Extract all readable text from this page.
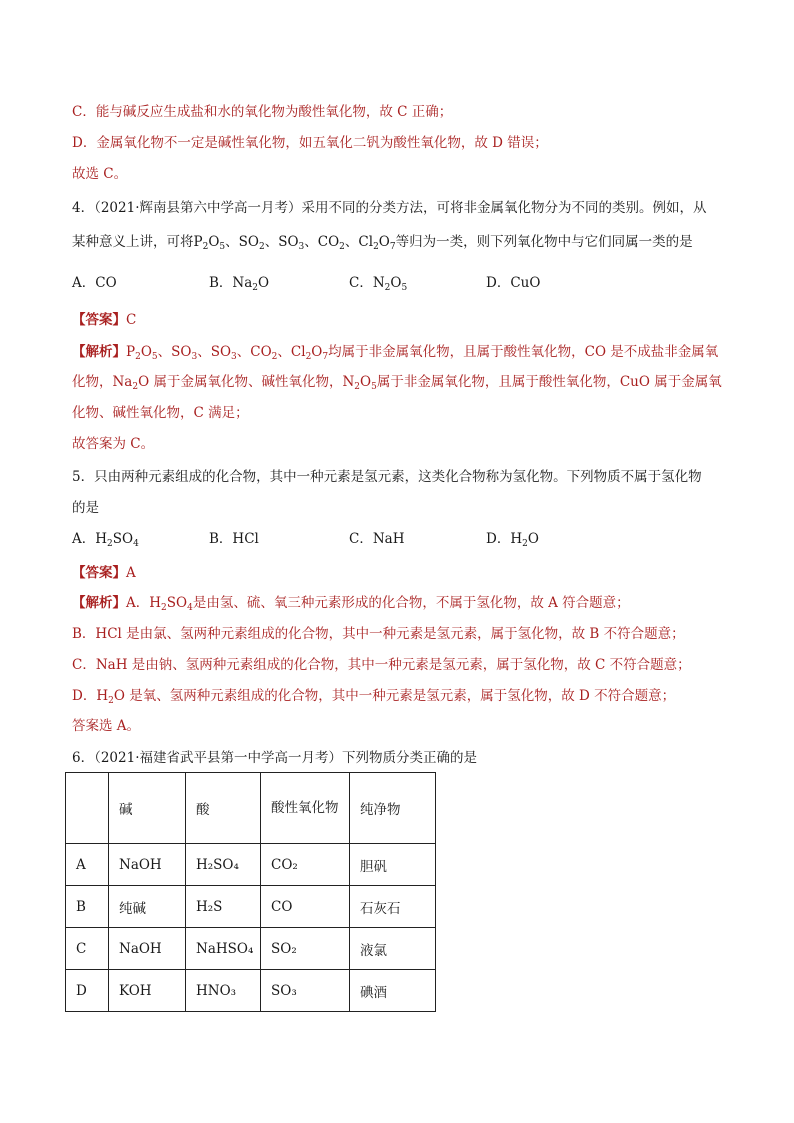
C．能与碱反应生成盐和水的氧化物为酸性氧化物，故 C 正确；
D．金属氧化物不一定是碱性氧化物，如五氧化二钒为酸性氧化物，故 D 错误；
故选 C。
4．（2021·辉南县第六中学高一月考）采用不同的分类方法，可将非金属氧化物分为不同的类别。例如，从
某种意义上讲，可将$P_2O_5$、$SO_2$、$SO_3$、$CO_2$、$Cl_2O_7$等归为一类，则下列氧化物中与它们同属一类的是
A．CO	B．$Na_2O$	C．$N_2O_5$	D．CuO
【答案】C
【解析】$P_2O_5$、$SO_3$、$SO_3$、$CO_2$、$Cl_2O_7$均属于非金属氧化物，且属于酸性氧化物，CO 是不成盐非金属氧
化物，$Na_2O$ 属于金属氧化物、碱性氧化物，$N_2O_5$属于非金属氧化物，且属于酸性氧化物，CuO 属于金属氧
化物、碱性氧化物，C 满足；
故答案为 C。
5．只由两种元素组成的化合物，其中一种元素是氢元素，这类化合物称为氢化物。下列物质不属于氢化物
的是
A．$H_2SO_4$	B．HCl	C．NaH	D．$H_2O$
【答案】A
【解析】A．$H_2SO_4$是由氢、硫、氧三种元素形成的化合物，不属于氢化物，故 A 符合题意；
B．HCl 是由氯、氢两种元素组成的化合物，其中一种元素是氢元素，属于氢化物，故 B 不符合题意；
C．NaH 是由钠、氢两种元素组成的化合物，其中一种元素是氢元素，属于氢化物，故 C 不符合题意；
D．$H_2O$ 是氧、氢两种元素组成的化合物，其中一种元素是氢元素，属于氢化物，故 D 不符合题意；
答案选 A。
6．（2021·福建省武平县第一中学高一月考）下列物质分类正确的是
	碱	酸	酸性氧化物	纯净物
A	NaOH	H₂SO₄	CO₂	胆矾
B	纯碱	H₂S	CO	石灰石
C	NaOH	NaHSO₄	SO₂	液氯
D	KOH	HNO₃	SO₃	碘酒
